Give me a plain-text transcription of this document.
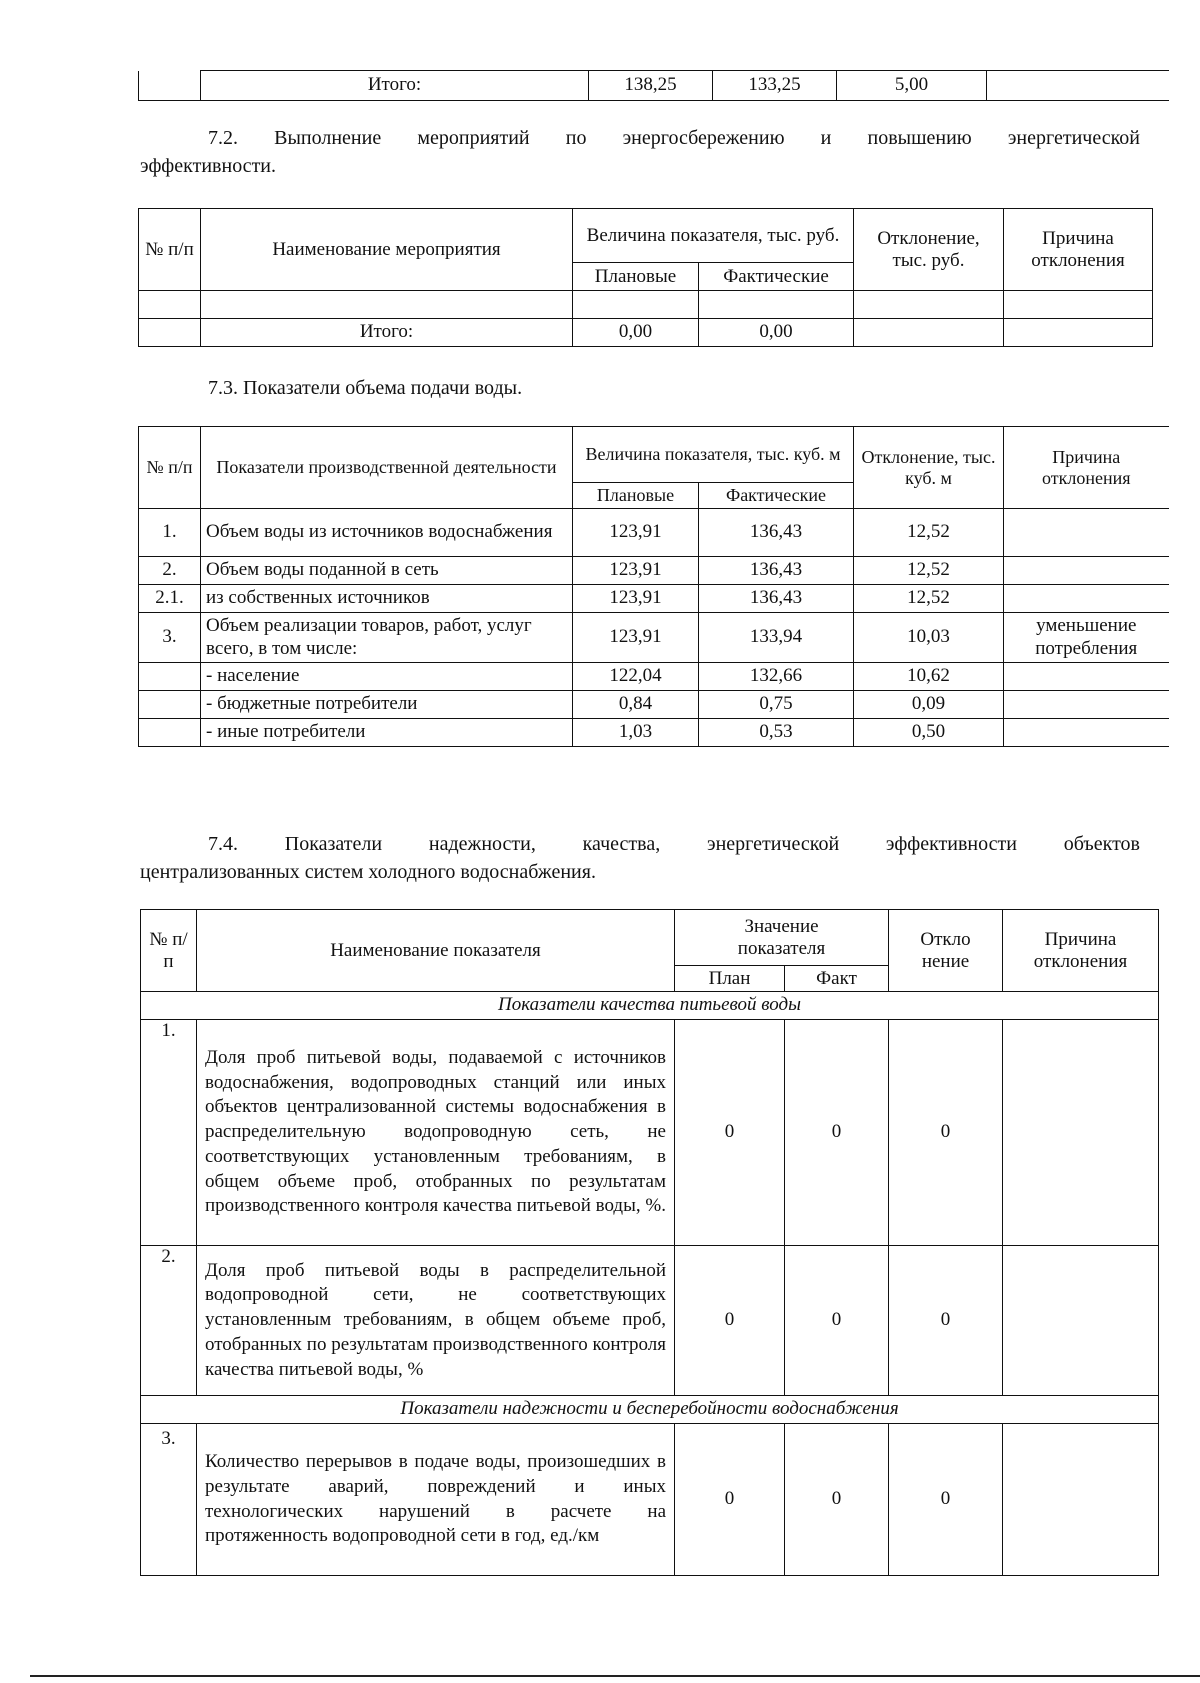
	Итого:	138,25	133,25	5,00	
7.2. Выполнение мероприятий по энергосбережению и повышению энергетической
эффективности.
№ п/п	Наименование мероприятия	Величина показателя, тыс. руб.		Отклонение, тыс. руб.	Причина отклонения
		Плановые	Фактические		

	Итого:	0,00	0,00		
7.3. Показатели объема подачи воды.
№ п/п	Показатели производственной деятельности	Величина показателя, тыс. куб. м		Отклонение, тыс. куб. м	Причина отклонения
		Плановые	Фактические		
1.	Объем воды из источников водоснабжения	123,91	136,43	12,52	
2.	Объем воды поданной в сеть	123,91	136,43	12,52	
2.1.	из собственных источников	123,91	136,43	12,52	
3.	Объем реализации товаров, работ, услуг всего, в том числе:	123,91	133,94	10,03	уменьшение потребления
	- население	122,04	132,66	10,62	
	- бюджетные потребители	0,84	0,75	0,09	
	- иные потребители	1,03	0,53	0,50	
7.4. Показатели надежности, качества, энергетической эффективности объектов
централизованных систем холодного водоснабжения.
№ п/п	Наименование показателя	Значение показателя		Откло нение	Причина отклонения
		План	Факт		
Показатели качества питьевой воды					
1.	Доля проб питьевой воды, подаваемой с источников водоснабжения, водопроводных станций или иных объектов централизованной системы водоснабжения в распределительную водопроводную сеть, не соответствующих установленным требованиям, в общем объеме проб, отобранных по результатам производственного контроля качества питьевой воды, %.	0	0	0	
2.	Доля проб питьевой воды в распределительной водопроводной сети, не соответствующих установленным требованиям, в общем объеме проб, отобранных по результатам производственного контроля качества питьевой воды, %	0	0	0	
Показатели надежности и бесперебойности водоснабжения					
3.	Количество перерывов в подаче воды, произошедших в результате аварий, повреждений и иных технологических нарушений в расчете на протяженность водопроводной сети в год, ед./км	0	0	0	
